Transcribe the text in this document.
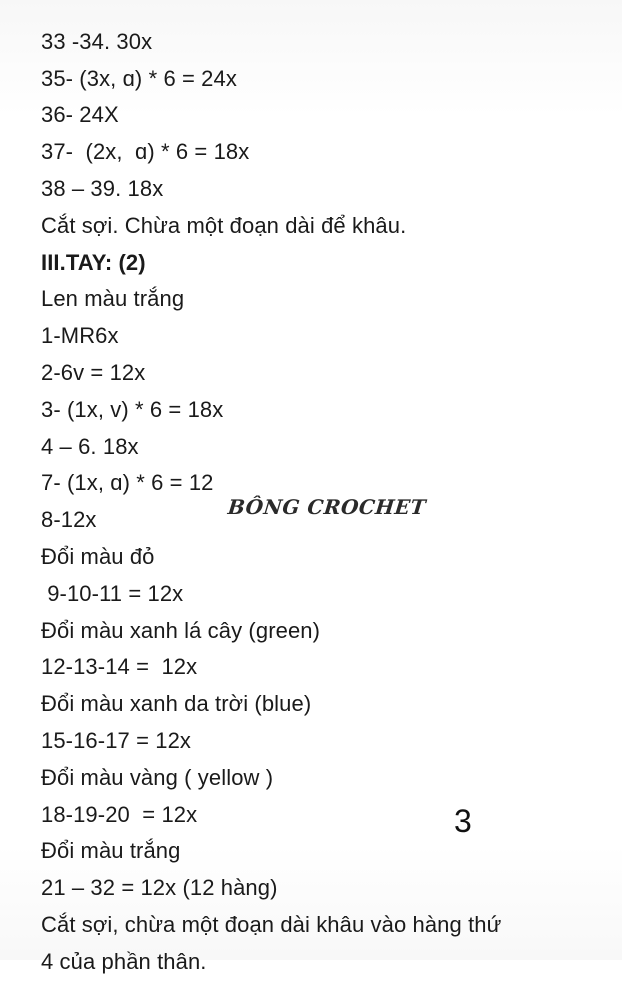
33 -34. 30x
35- (3x, ɑ) * 6 = 24x
36- 24X
37-  (2x,  ɑ) * 6 = 18x
38 – 39. 18x
Cắt sợi. Chừa một đoạn dài để khâu.
III.TAY: (2)
Len màu trắng
1-MR6x
2-6v = 12x
3- (1x, v) * 6 = 18x
4 – 6. 18x
7- (1x, ɑ) * 6 = 12
8-12x
Đổi màu đỏ
9-10-11 = 12x
Đổi màu xanh lá cây (green)
12-13-14 =  12x
Đổi màu xanh da trời (blue)
15-16-17 = 12x
Đổi màu vàng ( yellow )
18-19-20  = 12x
Đổi màu trắng
21 – 32 = 12x (12 hàng)
Cắt sợi, chừa một đoạn dài khâu vào hàng thứ
4 của phần thân.
BÔNG CROCHET
3
